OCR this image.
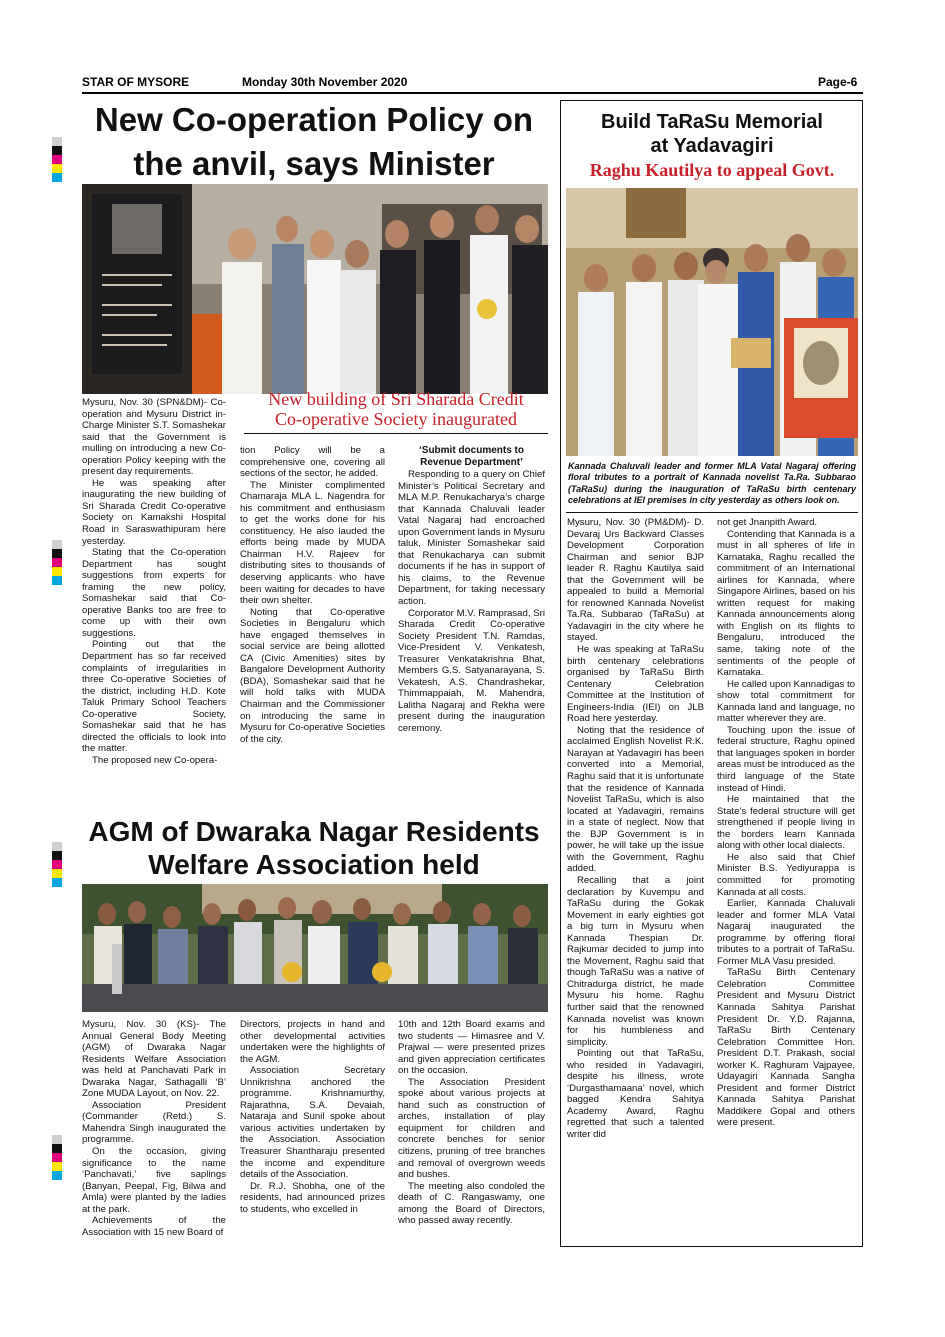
STAR OF MYSORE	Monday 30th November 2020	Page-6
New Co-operation Policy on
the anvil, says Minister
New building of Sri Sharada Credit
Co-operative Society inaugurated

Mysuru, Nov. 30 (SPN&DM)- Co-operation and Mysuru District in-Charge Minister S.T. Somashekar said that the Government is mulling on introducing a new Co-operation Policy keeping with the present day requirements.

He was speaking after inaugurating the new building of Sri Sharada Credit Co-operative Society on Kamakshi Hospital Road in Saraswathipuram here yesterday.

Stating that the Co-operation Department has sought suggestions from experts for framing the new policy, Somashekar said that Co-operative Banks too are free to come up with their own suggestions.

Pointing out that the Department has so far received complaints of irregularities in three Co-operative Societies of the district, including H.D. Kote Taluk Primary School Teachers Co-operative Society, Somashekar said that he has directed the officials to look into the matter.

The proposed new Co-opera-

tion Policy will be a comprehensive one, covering all sections of the sector, he added.

The Minister complimented Chamaraja MLA L. Nagendra for his commitment and enthusiasm to get the works done for his constituency. He also lauded the efforts being made by MUDA Chairman H.V. Rajeev for distributing sites to thousands of deserving applicants who have been waiting for decades to have their own shelter.

Noting that Co-operative Societies in Bengaluru which have engaged themselves in social service are being allotted CA (Civic Amenities) sites by Bangalore Development Authority (BDA), Somashekar said that he will hold talks with MUDA Chairman and the Commissioner on introducing the same in Mysuru for Co-operative Societies of the city.

‘Submit documents to
Revenue Department’

Responding to a query on Chief Minister’s Political Secretary and MLA M.P. Renukacharya’s charge that Kannada Chaluvali leader Vatal Nagaraj had encroached upon Government lands in Mysuru taluk, Minister Somashekar said that Renukacharya can submit documents if he has in support of his claims, to the Revenue Department, for taking necessary action.

Corporator M.V. Ramprasad, Sri Sharada Credit Co-operative Society President T.N. Ramdas, Vice-President V. Venkatesh, Treasurer Venkatakrishna Bhat, Members G.S. Satyanarayana, S. Vekatesh, A.S. Chandrashekar, Thimmappaiah, M. Mahendra, Lalitha Nagaraj and Rekha were present during the inauguration ceremony.

AGM of Dwaraka Nagar Residents
Welfare Association held

Mysuru, Nov. 30 (KS)- The Annual General Body Meeting (AGM) of Dwaraka Nagar Residents Welfare Association was held at Panchavati Park in Dwaraka Nagar, Sathagalli ‘B’ Zone MUDA Layout, on Nov. 22.

Association President (Commander (Retd.) S. Mahendra Singh inaugurated the programme.

On the occasion, giving significance to the name ‘Panchavati,’ five saplings (Banyan, Peepal, Fig, Bilwa and Amla) were planted by the ladies at the park.

Achievements of the Association with 15 new Board of

Directors, projects in hand and other developmental activities undertaken were the highlights of the AGM.

Association Secretary Unnikrishna anchored the programme. Krishnamurthy, Rajarathna, S.A. Devaiah, Nataraja and Sunil spoke about various activities undertaken by the Association. Association Treasurer Shantharaju presented the income and expenditure details of the Association.

Dr. R.J. Shobha, one of the residents, had announced prizes to students, who excelled in

10th and 12th Board exams and two students — Himasree and V. Prajwal — were presented prizes and given appreciation certificates on the occasion.

The Association President spoke about various projects at hand such as construction of arches, installation of play equipment for children and concrete benches for senior citizens, pruning of tree branches and removal of overgrown weeds and bushes.

The meeting also condoled the death of C. Rangaswamy, one among the Board of Directors, who passed away recently.

Build TaRaSu Memorial
at Yadavagiri
Raghu Kautilya to appeal Govt.
Kannada Chaluvali leader and former MLA Vatal Nagaraj offering floral tributes to a portrait of Kannada novelist Ta.Ra. Subbarao (TaRaSu) during the inauguration of TaRaSu birth centenary celebrations at IEI premises in city yesterday as others look on.

Mysuru, Nov. 30 (PM&DM)- D. Devaraj Urs Backward Classes Development Corporation Chairman and senior BJP leader R. Raghu Kautilya said that the Government will be appealed to build a Memorial for renowned Kannada Novelist Ta.Ra. Subbarao (TaRaSu) at Yadavagiri in the city where he stayed.

He was speaking at TaRaSu birth centenary celebrations organised by TaRaSu Birth Centenary Celebration Committee at the Institution of Engineers-India (IEI) on JLB Road here yesterday.

Noting that the residence of acclaimed English Novelist R.K. Narayan at Yadavagiri has been converted into a Memorial, Raghu said that it is unfortunate that the residence of Kannada Novelist TaRaSu, which is also located at Yadavagiri, remains in a state of neglect. Now that the BJP Government is in power, he will take up the issue with the Government, Raghu added.

Recalling that a joint declaration by Kuvempu and TaRaSu during the Gokak Movement in early eighties got a big turn in Mysuru when Kannada Thespian Dr. Rajkumar decided to jump into the Movement, Raghu said that though TaRaSu was a native of Chitradurga district, he made Mysuru his home. Raghu further said that the renowned Kannada novelist was known for his humbleness and simplicity.

Pointing out that TaRaSu, who resided in Yadavagiri, despite his illness, wrote ‘Durgasthamaana’ novel, which bagged Kendra Sahitya Academy Award, Raghu regretted that such a talented writer did

not get Jnanpith Award.

Contending that Kannada is a must in all spheres of life in Karnataka, Raghu recalled the commitment of an International airlines for Kannada, where Singapore Airlines, based on his written request for making Kannada announcements along with English on its flights to Bengaluru, introduced the same, taking note of the sentiments of the people of Karnataka.

He called upon Kannadigas to show total commitment for Kannada land and language, no matter wherever they are.

Touching upon the issue of federal structure, Raghu opined that languages spoken in border areas must be introduced as the third language of the State instead of Hindi.

He maintained that the State’s federal structure will get strengthened if people living in the borders learn Kannada along with other local dialects.

He also said that Chief Minister B.S. Yediyurappa is committed for promoting Kannada at all costs.

Earlier, Kannada Chaluvali leader and former MLA Vatal Nagaraj inaugurated the programme by offering floral tributes to a portrait of TaRaSu. Former MLA Vasu presided.

TaRaSu Birth Centenary Celebration Committee President and Mysuru District Kannada Sahitya Parishat President Dr. Y.D. Rajanna, TaRaSu Birth Centenary Celebration Committee Hon. President D.T. Prakash, social worker K. Raghuram Vajpayee, Udayagiri Kannada Sangha President and former District Kannada Sahitya Parishat Maddikere Gopal and others were present.
